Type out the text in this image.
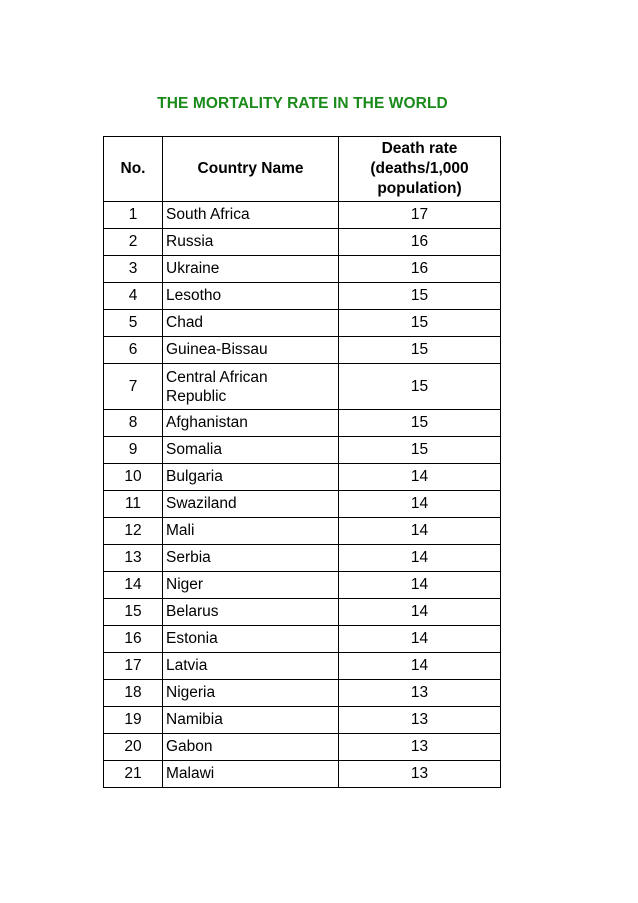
THE MORTALITY RATE IN THE WORLD
No.	Country Name	Death rate
(deaths/1,000
population)

1	South Africa	17
2	Russia	16
3	Ukraine	16
4	Lesotho	15
5	Chad	15
6	Guinea-Bissau	15
7	Central African
Republic	15
8	Afghanistan	15
9	Somalia	15
10	Bulgaria	14
11	Swaziland	14
12	Mali	14
13	Serbia	14
14	Niger	14
15	Belarus	14
16	Estonia	14
17	Latvia	14
18	Nigeria	13
19	Namibia	13
20	Gabon	13
21	Malawi	13
